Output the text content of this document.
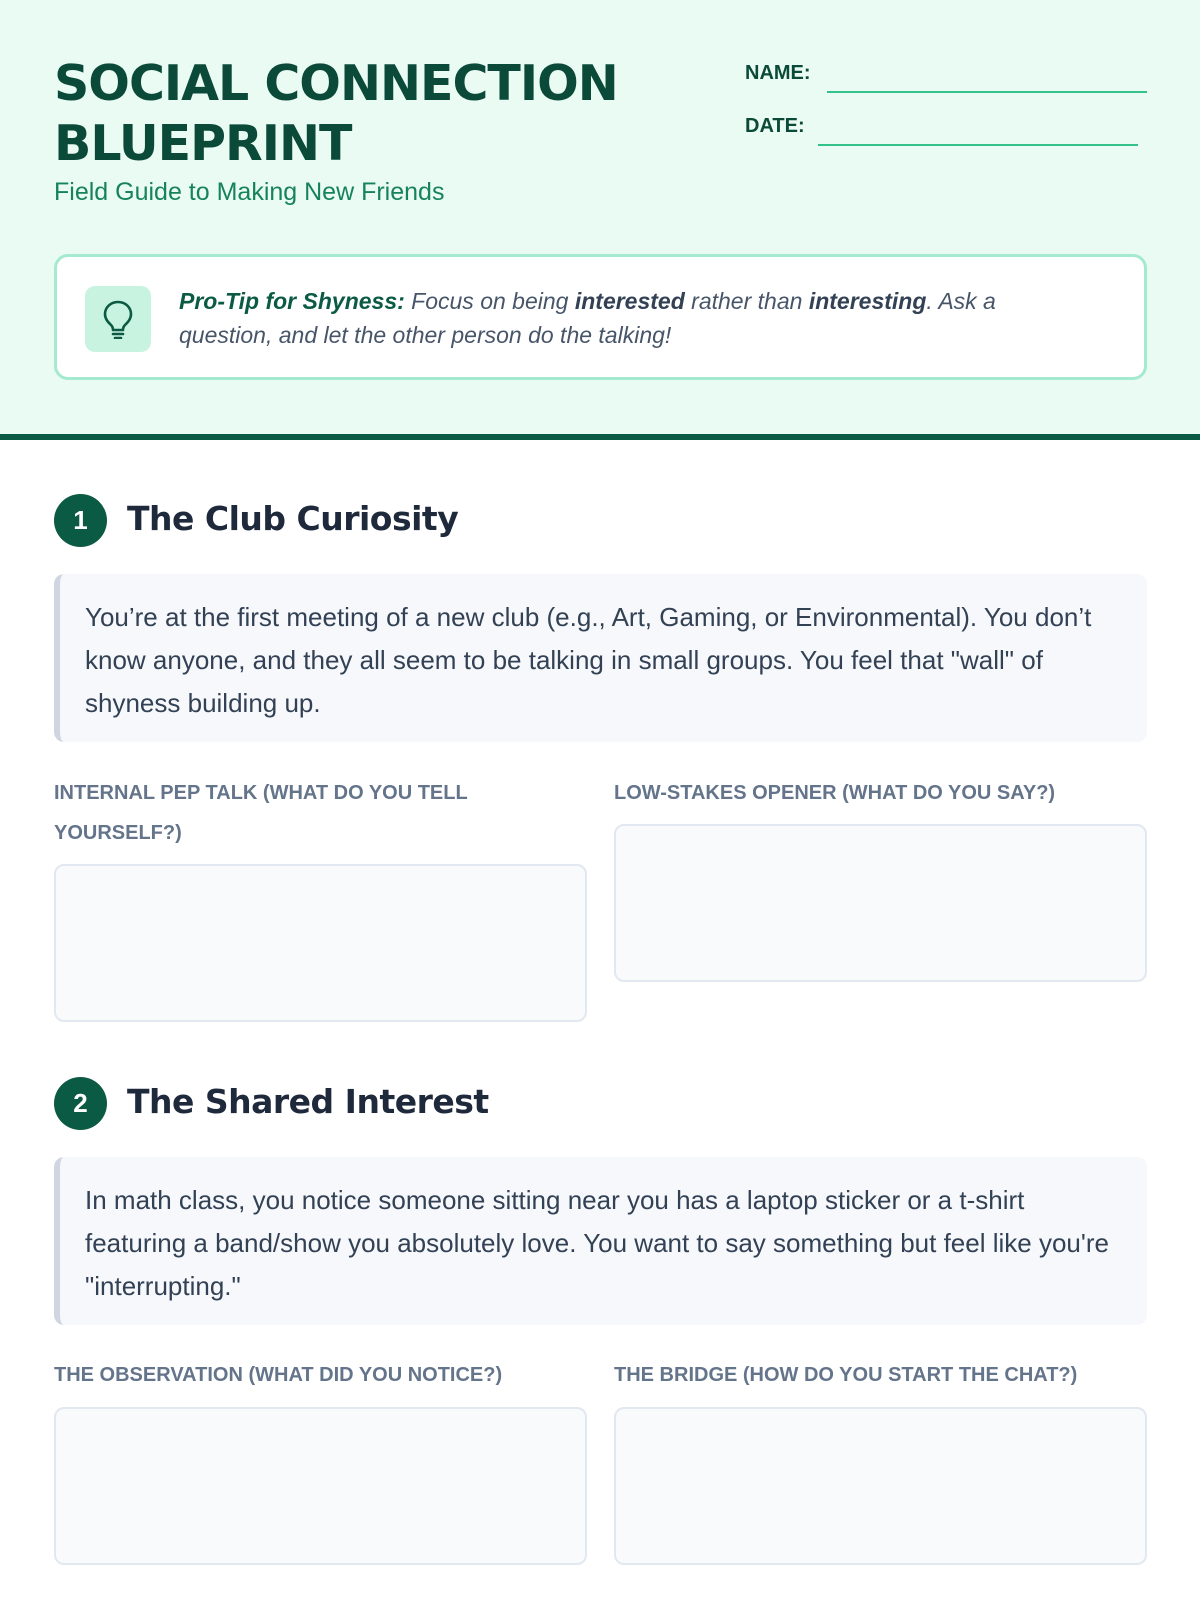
SOCIAL CONNECTION
BLUEPRINT
Field Guide to Making New Friends
NAME:
DATE:
Pro-Tip for Shyness: Focus on being interested rather than interesting. Ask a question, and let the other person do the talking!
1	The Club Curiosity
You’re at the first meeting of a new club (e.g., Art, Gaming, or Environmental). You don’t know anyone, and they all seem to be talking in small groups. You feel that "wall" of shyness building up.
INTERNAL PEP TALK (WHAT DO YOU TELL YOURSELF?)
LOW-STAKES OPENER (WHAT DO YOU SAY?)
2	The Shared Interest
In math class, you notice someone sitting near you has a laptop sticker or a t-shirt featuring a band/show you absolutely love. You want to say something but feel like you're "interrupting."
THE OBSERVATION (WHAT DID YOU NOTICE?)	THE BRIDGE (HOW DO YOU START THE CHAT?)
